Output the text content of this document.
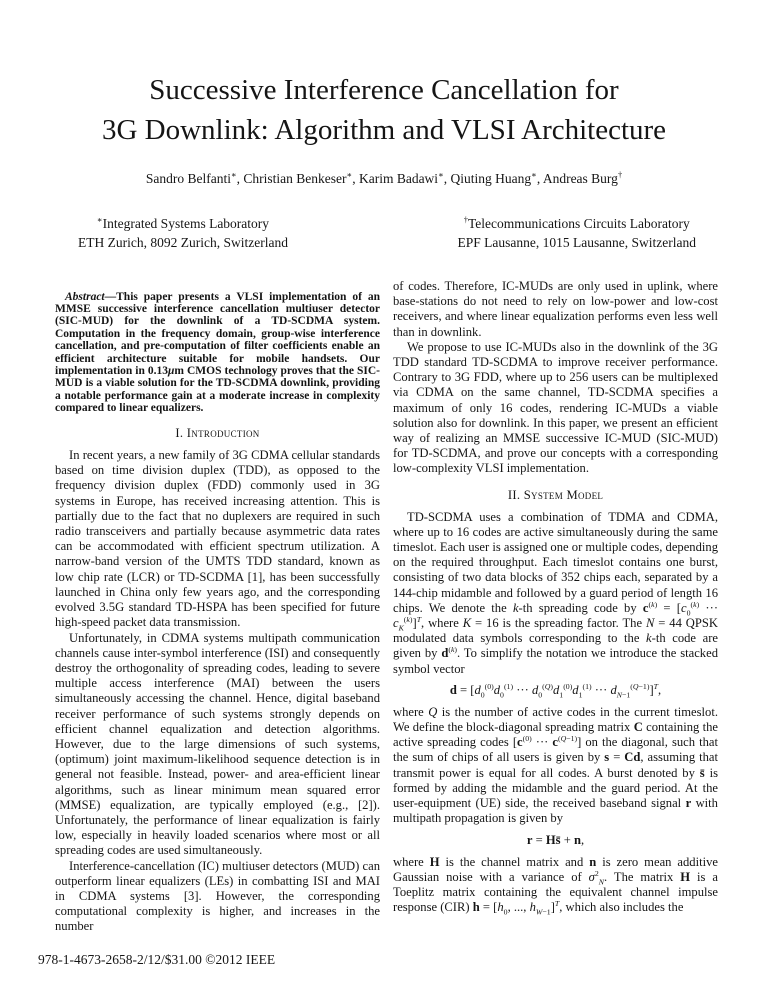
Successive Interference Cancellation for
3G Downlink: Algorithm and VLSI Architecture
Sandro Belfanti∗, Christian Benkeser∗, Karim Badawi∗, Qiuting Huang∗, Andreas Burg†
∗Integrated Systems Laboratory
ETH Zurich, 8092 Zurich, Switzerland
†Telecommunications Circuits Laboratory
EPF Lausanne, 1015 Lausanne, Switzerland

Abstract—This paper presents a VLSI implementation of an MMSE successive interference cancellation multiuser detector (SIC-MUD) for the downlink of a TD-SCDMA system. Computation in the frequency domain, group-wise interference cancellation, and pre-computation of filter coefficients enable an efficient architecture suitable for mobile handsets. Our implementation in 0.13μm CMOS technology proves that the SIC-MUD is a viable solution for the TD-SCDMA downlink, providing a notable performance gain at a moderate increase in complexity compared to linear equalizers.

I. Introduction

In recent years, a new family of 3G CDMA cellular standards based on time division duplex (TDD), as opposed to the frequency division duplex (FDD) commonly used in 3G systems in Europe, has received increasing attention. This is partially due to the fact that no duplexers are required in such radio transceivers and partially because asymmetric data rates can be accommodated with efficient spectrum utilization. A narrow-band version of the UMTS TDD standard, known as low chip rate (LCR) or TD-SCDMA [1], has been successfully launched in China only few years ago, and the corresponding evolved 3.5G standard TD-HSPA has been specified for future high-speed packet data transmission.

Unfortunately, in CDMA systems multipath communication channels cause inter-symbol interference (ISI) and consequently destroy the orthogonality of spreading codes, leading to severe multiple access interference (MAI) between the users simultaneously accessing the channel. Hence, digital baseband receiver performance of such systems strongly depends on efficient channel equalization and detection algorithms. However, due to the large dimensions of such systems, (optimum) joint maximum-likelihood sequence detection is in general not feasible. Instead, power- and area-efficient linear algorithms, such as linear minimum mean squared error (MMSE) equalization, are typically employed (e.g., [2]). Unfortunately, the performance of linear equalization is fairly low, especially in heavily loaded scenarios where most or all spreading codes are used simultaneously.

Interference-cancellation (IC) multiuser detectors (MUD) can outperform linear equalizers (LEs) in combatting ISI and MAI in CDMA systems [3]. However, the corresponding computational complexity is higher, and increases in the number

of codes. Therefore, IC-MUDs are only used in uplink, where base-stations do not need to rely on low-power and low-cost receivers, and where linear equalization performs even less well than in downlink.

We propose to use IC-MUDs also in the downlink of the 3G TDD standard TD-SCDMA to improve receiver performance. Contrary to 3G FDD, where up to 256 users can be multiplexed via CDMA on the same channel, TD-SCDMA specifies a maximum of only 16 codes, rendering IC-MUDs a viable solution also for downlink. In this paper, we present an efficient way of realizing an MMSE successive IC-MUD (SIC-MUD) for TD-SCDMA, and prove our concepts with a corresponding low-complexity VLSI implementation.

II. System Model

TD-SCDMA uses a combination of TDMA and CDMA, where up to 16 codes are active simultaneously during the same timeslot. Each user is assigned one or multiple codes, depending on the required throughput. Each timeslot contains one burst, consisting of two data blocks of 352 chips each, separated by a 144-chip midamble and followed by a guard period of length 16 chips. We denote the k-th spreading code by $c^{(k)} = [c_0^{(k)}$ ··· $c_K^{(k)}]^T$, where K = 16 is the spreading factor. The N = 44 QPSK modulated data symbols corresponding to the k-th code are given by $d^{(k)}$. To simplify the notation we introduce the stacked symbol vector

$d = [d_0^{(0)}d_0^{(1)}$ ··· $d_0^{(Q)}d_1^{(0)}d_1^{(1)}$ ··· $d_{N-1}^{(Q-1)}]^T$,

where Q is the number of active codes in the current timeslot. We define the block-diagonal spreading matrix C containing the active spreading codes [$c^{(0)}$ ··· $c^{(Q-1)}$] on the diagonal, such that the sum of chips of all users is given by s = Cd, assuming that transmit power is equal for all codes. A burst denoted by s̄ is formed by adding the midamble and the guard period. At the user-equipment (UE) side, the received baseband signal r with multipath propagation is given by

r = Hs̄ + n,

where H is the channel matrix and n is zero mean additive Gaussian noise with a variance of $\sigma^2_N$. The matrix H is a Toeplitz matrix containing the equivalent channel impulse response (CIR) $h = [h_0$, ..., $h_{W-1}]^T$, which also includes the

978-1-4673-2658-2/12/$31.00 ©2012 IEEE
